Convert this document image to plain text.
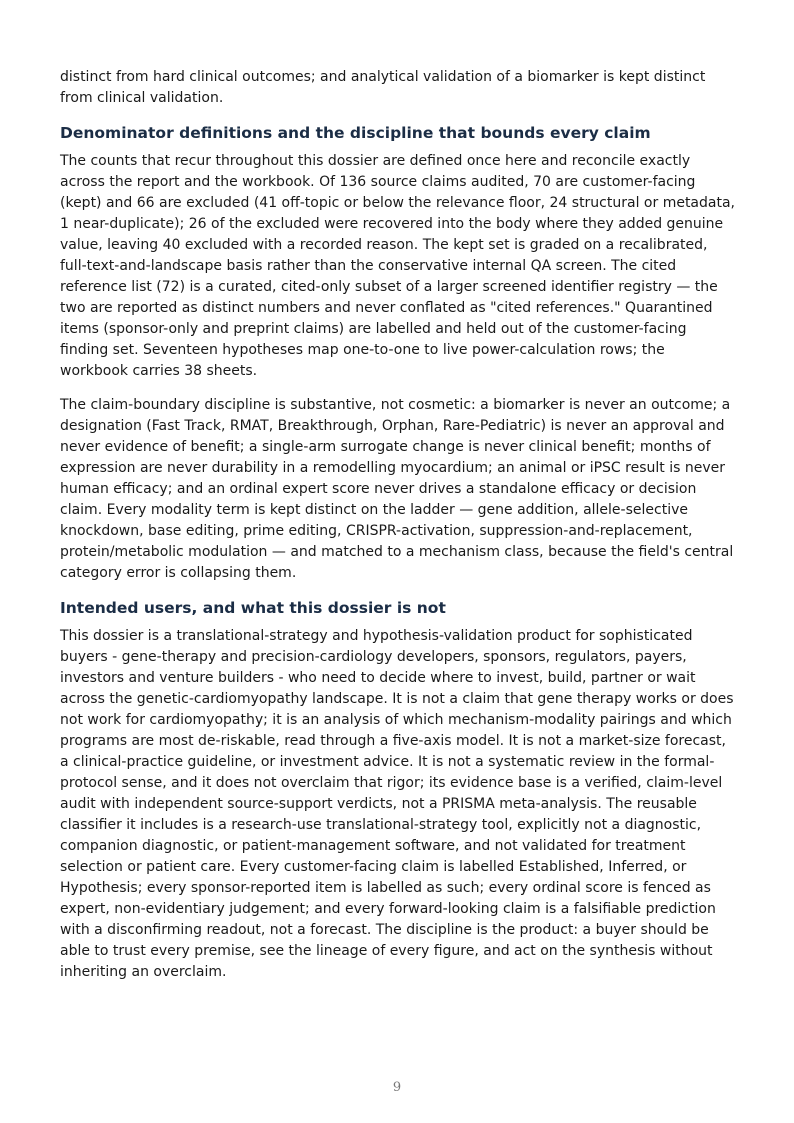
distinct from hard clinical outcomes; and analytical validation of a biomarker is kept distinct from clinical validation.

Denominator definitions and the discipline that bounds every claim

The counts that recur throughout this dossier are defined once here and reconcile exactly across the report and the workbook. Of 136 source claims audited, 70 are customer-facing (kept) and 66 are excluded (41 off-topic or below the relevance floor, 24 structural or metadata, 1 near-duplicate); 26 of the excluded were recovered into the body where they added genuine value, leaving 40 excluded with a recorded reason. The kept set is graded on a recalibrated, full-text-and-landscape basis rather than the conservative internal QA screen. The cited reference list (72) is a curated, cited-only subset of a larger screened identifier registry — the two are reported as distinct numbers and never conflated as "cited references." Quarantined items (sponsor-only and preprint claims) are labelled and held out of the customer-facing finding set. Seventeen hypotheses map one-to-one to live power-calculation rows; the workbook carries 38 sheets.

The claim-boundary discipline is substantive, not cosmetic: a biomarker is never an outcome; a designation (Fast Track, RMAT, Breakthrough, Orphan, Rare-Pediatric) is never an approval and never evidence of benefit; a single-arm surrogate change is never clinical benefit; months of expression are never durability in a remodelling myocardium; an animal or iPSC result is never human efficacy; and an ordinal expert score never drives a standalone efficacy or decision claim. Every modality term is kept distinct on the ladder — gene addition, allele-selective knockdown, base editing, prime editing, CRISPR-activation, suppression-and-replacement, protein/metabolic modulation — and matched to a mechanism class, because the field's central category error is collapsing them.

Intended users, and what this dossier is not

This dossier is a translational-strategy and hypothesis-validation product for sophisticated buyers - gene-therapy and precision-cardiology developers, sponsors, regulators, payers, investors and venture builders - who need to decide where to invest, build, partner or wait across the genetic-cardiomyopathy landscape. It is not a claim that gene therapy works or does not work for cardiomyopathy; it is an analysis of which mechanism-modality pairings and which programs are most de-riskable, read through a five-axis model. It is not a market-size forecast, a clinical-practice guideline, or investment advice. It is not a systematic review in the formal-protocol sense, and it does not overclaim that rigor; its evidence base is a verified, claim-level audit with independent source-support verdicts, not a PRISMA meta-analysis. The reusable classifier it includes is a research-use translational-strategy tool, explicitly not a diagnostic, companion diagnostic, or patient-management software, and not validated for treatment selection or patient care. Every customer-facing claim is labelled Established, Inferred, or Hypothesis; every sponsor-reported item is labelled as such; every ordinal score is fenced as expert, non-evidentiary judgement; and every forward-looking claim is a falsifiable prediction with a disconfirming readout, not a forecast. The discipline is the product: a buyer should be able to trust every premise, see the lineage of every figure, and act on the synthesis without inheriting an overclaim.

9
